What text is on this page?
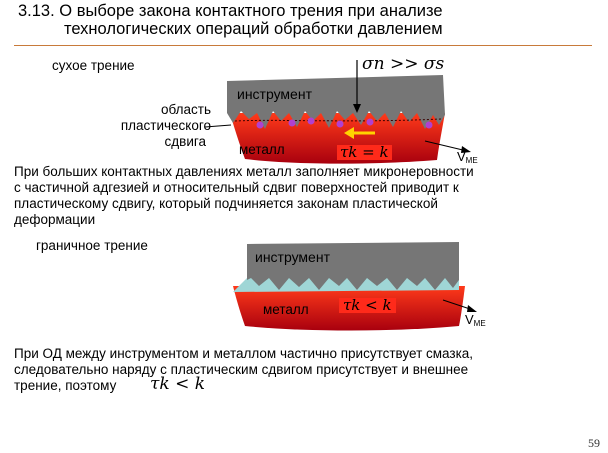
3.13. О выборе закона контактного трения при анализе
технологических операций обработки давлением
сухое трение
область
пластического
сдвига
инструмент
металл	VМЕ
σn >> σs
τk = k
При больших контактных давлениях металл заполняет микронеровности
с частичной адгезией и относительный сдвиг поверхностей приводит к
пластическому сдвигу, который подчиняется законам пластической
деформации
граничное трение
инструмент
металл
VМЕ
τk < k
При ОД между инструментом и металлом частично присутствует смазка,
следовательно наряду с пластическим сдвигом присутствует и внешнее
трение, поэтому τk < k
59
